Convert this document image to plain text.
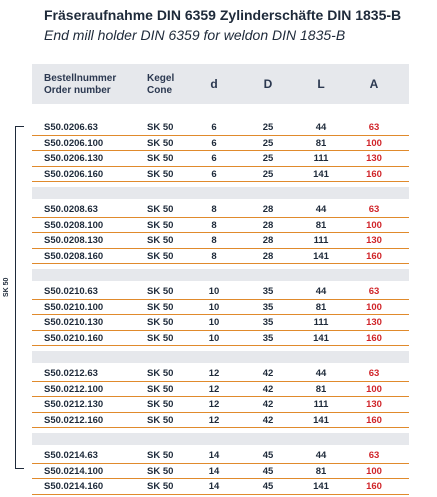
Fräseraufnahme DIN 6359 Zylinderschäfte DIN 1835-B
End mill holder DIN 6359 for weldon DIN 1835-B
SK 50
Bestellnummer
Order number
Kegel
Cone	d	D	L	A
S50.0206.63	SK 50	6	25	44	63
S50.0206.100	SK 50	6	25	81	100
S50.0206.130	SK 50	6	25	111	130
S50.0206.160	SK 50	6	25	141	160
S50.0208.63	SK 50	8	28	44	63
S50.0208.100	SK 50	8	28	81	100
S50.0208.130	SK 50	8	28	111	130
S50.0208.160	SK 50	8	28	141	160
S50.0210.63	SK 50	10	35	44	63
S50.0210.100	SK 50	10	35	81	100
S50.0210.130	SK 50	10	35	111	130
S50.0210.160	SK 50	10	35	141	160
S50.0212.63	SK 50	12	42	44	63
S50.0212.100	SK 50	12	42	81	100
S50.0212.130	SK 50	12	42	111	130
S50.0212.160	SK 50	12	42	141	160
S50.0214.63	SK 50	14	45	44	63
S50.0214.100	SK 50	14	45	81	100
S50.0214.160	SK 50	14	45	141	160
